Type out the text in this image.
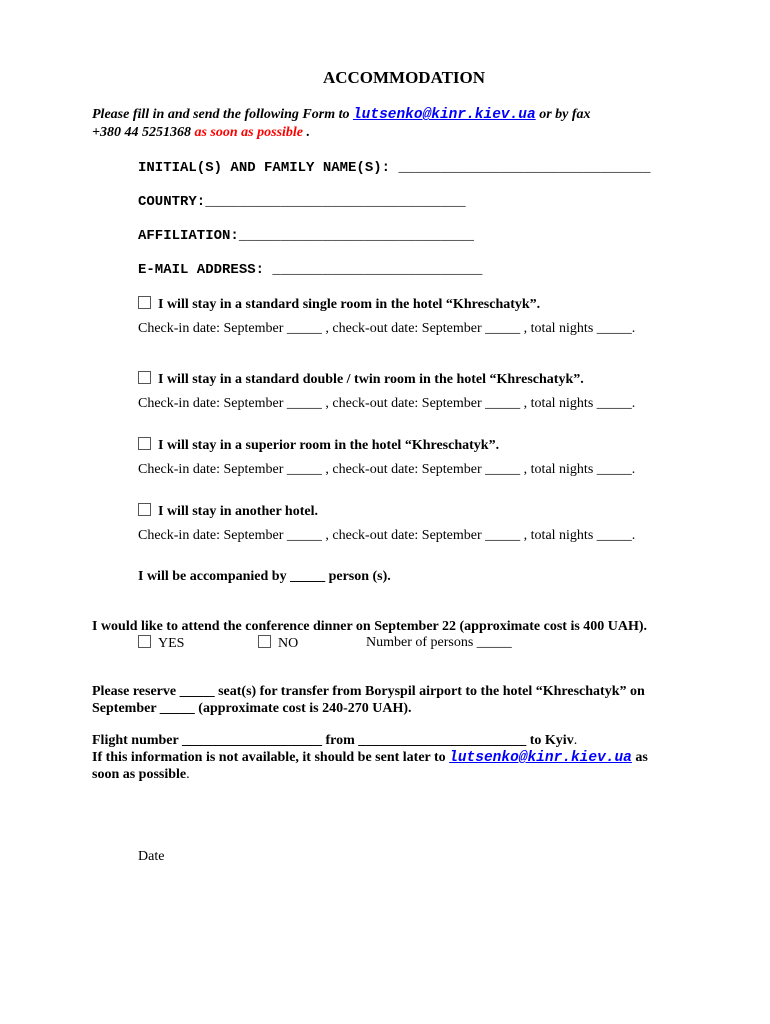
ACCOMMODATION
Please fill in and send the following Form to lutsenko@kinr.kiev.ua or by fax
+380 44 5251368 as soon as possible .
INITIAL(S) AND FAMILY NAME(S): ______________________________
COUNTRY:_______________________________
AFFILIATION:____________________________
E-MAIL ADDRESS: _________________________
I will stay in a standard single room in the hotel “Khreschatyk”.
Check-in date: September _____ , check-out date: September _____ , total nights _____.
I will stay in a standard double / twin room in the hotel “Khreschatyk”.
Check-in date: September _____ , check-out date: September _____ , total nights _____.
I will stay in a superior room in the hotel “Khreschatyk”.
Check-in date: September _____ , check-out date: September _____ , total nights _____.
I will stay in another hotel.
Check-in date: September _____ , check-out date: September _____ , total nights _____.
I will be accompanied by _____ person (s).
I would like to attend the conference dinner on September 22 (approximate cost is 400 UAH).
YES	NO	Number of persons _____
Please reserve _____ seat(s) for transfer from Boryspil airport to the hotel “Khreschatyk” on
September _____ (approximate cost is 240-270 UAH).
Flight number ____________________ from ________________________ to Kyiv.
If this information is not available, it should be sent later to lutsenko@kinr.kiev.ua as
soon as possible.
Date
